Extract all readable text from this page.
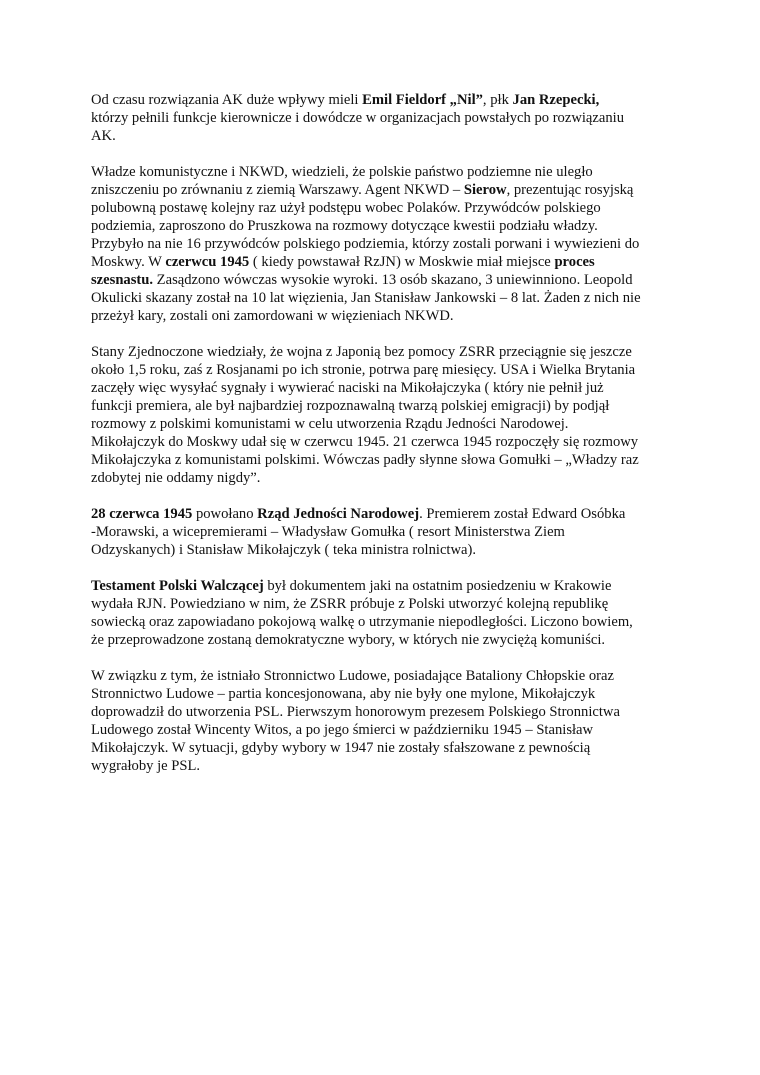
Od czasu rozwiązania AK duże wpływy mieli Emil Fieldorf „Nil”, płk Jan Rzepecki,
którzy pełnili funkcje kierownicze i dowódcze w organizacjach powstałych po rozwiązaniu
AK.

Władze komunistyczne i NKWD, wiedzieli, że polskie państwo podziemne nie uległo
zniszczeniu po zrównaniu z ziemią Warszawy. Agent NKWD – Sierow, prezentując rosyjską
polubowną postawę kolejny raz użył podstępu wobec Polaków. Przywódców polskiego
podziemia, zaproszono do Pruszkowa na rozmowy dotyczące kwestii podziału władzy.
Przybyło na nie 16 przywódców polskiego podziemia, którzy zostali porwani i wywiezieni do
Moskwy. W czerwcu 1945 ( kiedy powstawał RzJN) w Moskwie miał miejsce proces
szesnastu. Zasądzono wówczas wysokie wyroki. 13 osób skazano, 3 uniewinniono. Leopold
Okulicki skazany został na 10 lat więzienia, Jan Stanisław Jankowski – 8 lat. Żaden z nich nie
przeżył kary, zostali oni zamordowani w więzieniach NKWD.

Stany Zjednoczone wiedziały, że wojna z Japonią bez pomocy ZSRR przeciągnie się jeszcze
około 1,5 roku, zaś z Rosjanami po ich stronie, potrwa parę miesięcy. USA i Wielka Brytania
zaczęły więc wysyłać sygnały i wywierać naciski na Mikołajczyka ( który nie pełnił już
funkcji premiera, ale był najbardziej rozpoznawalną twarzą polskiej emigracji) by podjął
rozmowy z polskimi komunistami w celu utworzenia Rządu Jedności Narodowej.
Mikołajczyk do Moskwy udał się w czerwcu 1945. 21 czerwca 1945 rozpoczęły się rozmowy
Mikołajczyka z komunistami polskimi. Wówczas padły słynne słowa Gomułki – „Władzy raz
zdobytej nie oddamy nigdy”.

28 czerwca 1945 powołano Rząd Jedności Narodowej. Premierem został Edward Osóbka
-Morawski, a wicepremierami – Władysław Gomułka ( resort Ministerstwa Ziem
Odzyskanych) i Stanisław Mikołajczyk ( teka ministra rolnictwa).

Testament Polski Walczącej był dokumentem jaki na ostatnim posiedzeniu w Krakowie
wydała RJN. Powiedziano w nim, że ZSRR próbuje z Polski utworzyć kolejną republikę
sowiecką oraz zapowiadano pokojową walkę o utrzymanie niepodległości. Liczono bowiem,
że przeprowadzone zostaną demokratyczne wybory, w których nie zwyciężą komuniści.

W związku z tym, że istniało Stronnictwo Ludowe, posiadające Bataliony Chłopskie oraz
Stronnictwo Ludowe – partia koncesjonowana, aby nie były one mylone, Mikołajczyk
doprowadził do utworzenia PSL. Pierwszym honorowym prezesem Polskiego Stronnictwa
Ludowego został Wincenty Witos, a po jego śmierci w październiku 1945 – Stanisław
Mikołajczyk. W sytuacji, gdyby wybory w 1947 nie zostały sfałszowane z pewnością
wygrałoby je PSL.
